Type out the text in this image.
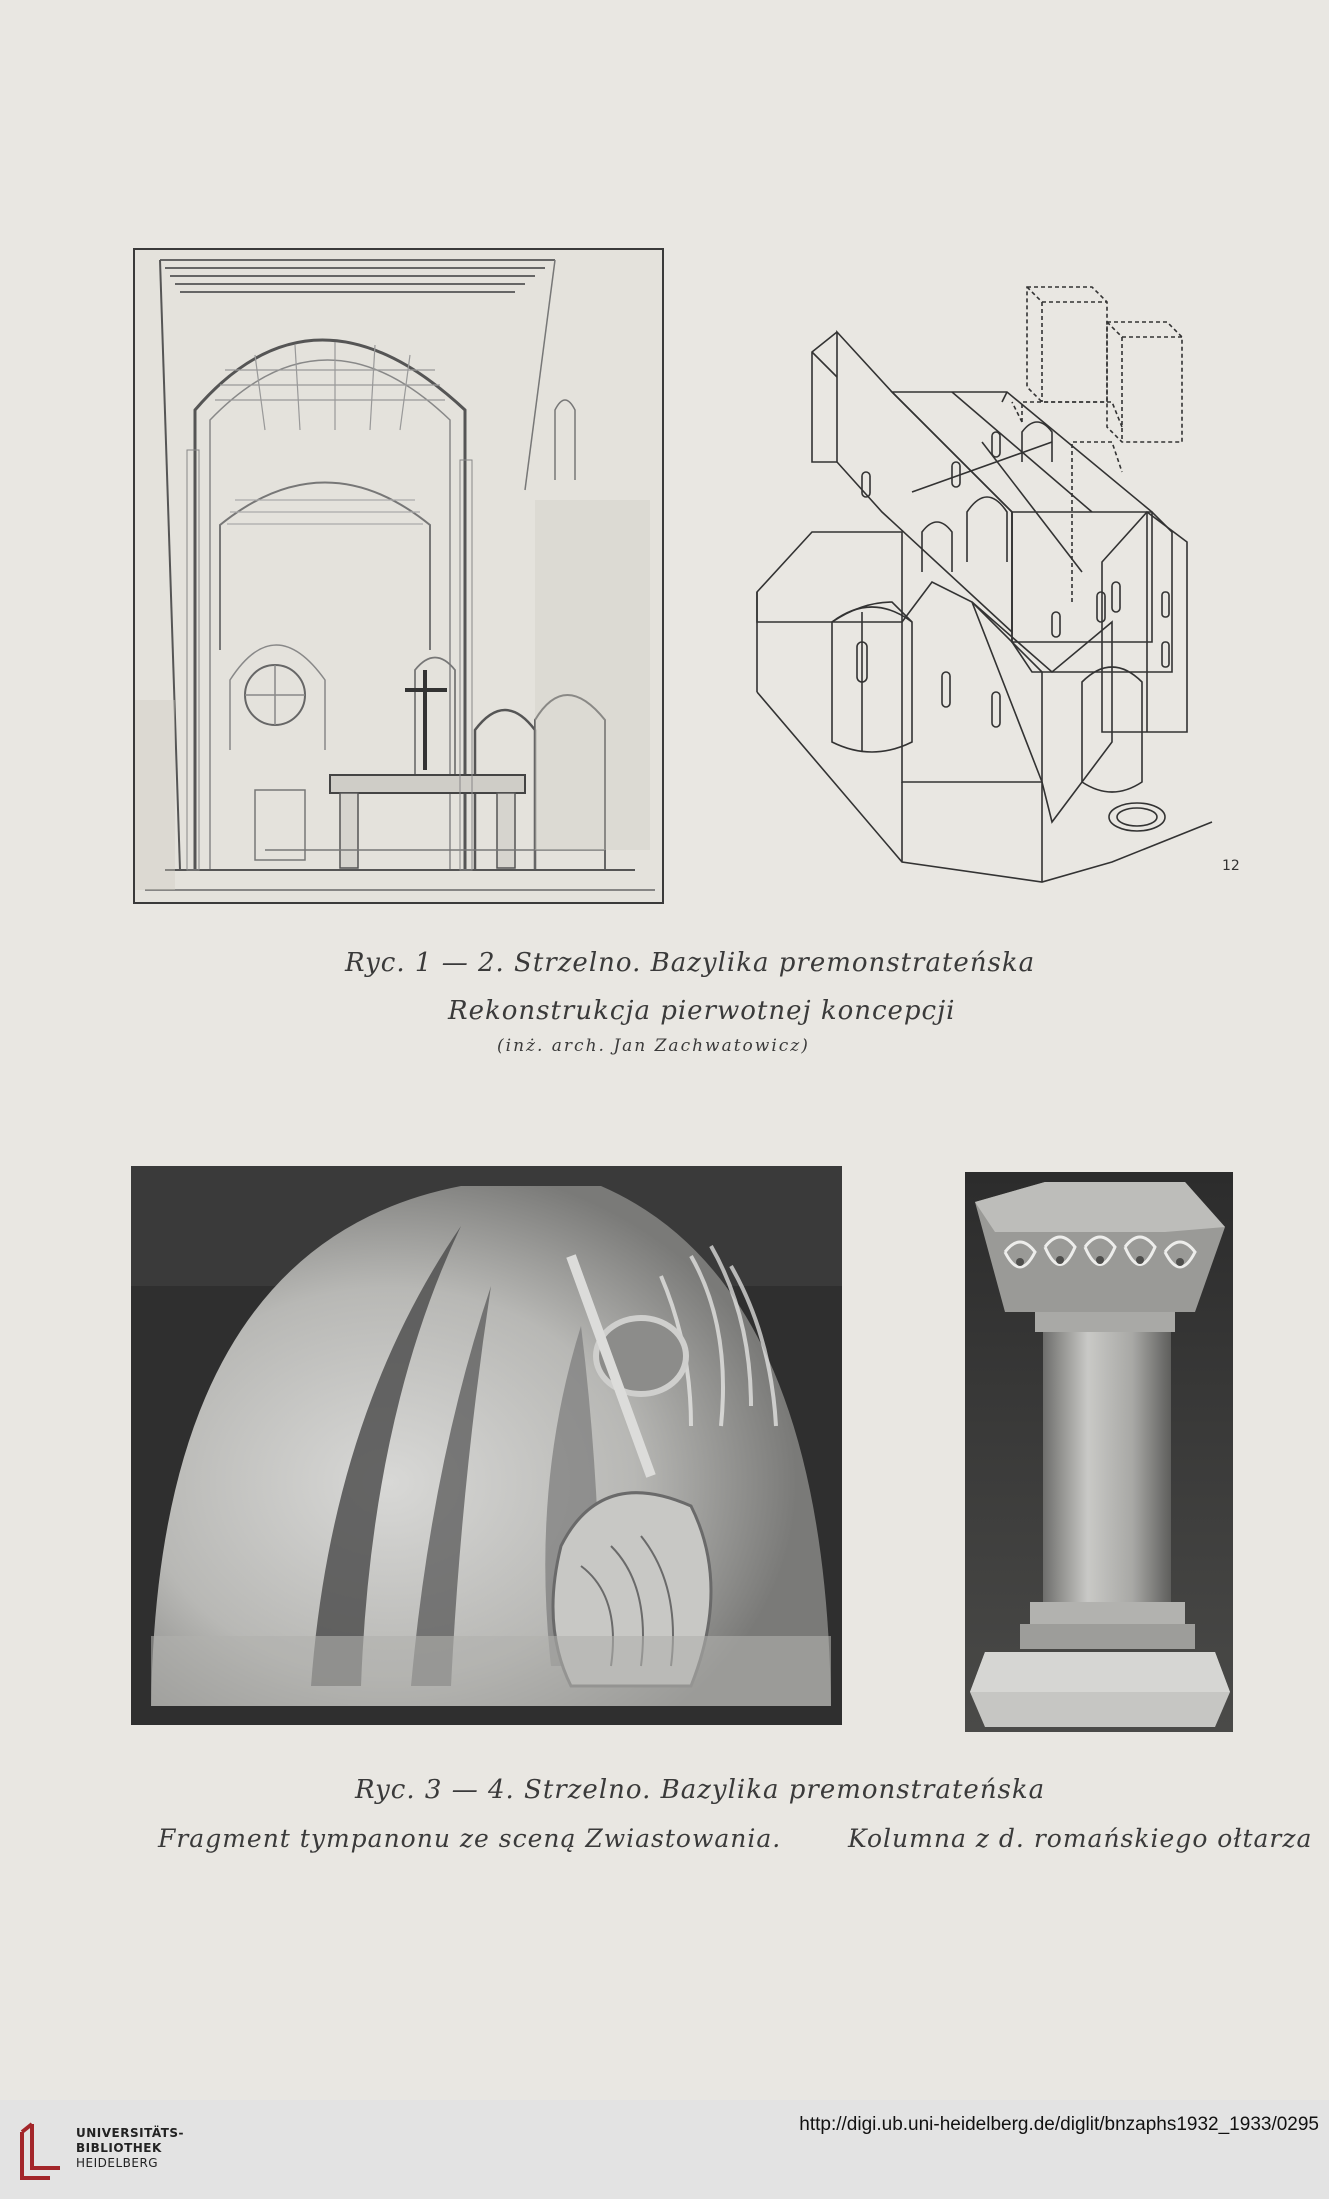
12
Ryc. 1 — 2. Strzelno. Bazylika premonstrateńska
Rekonstrukcja pierwotnej koncepcji
(inż. arch. Jan Zachwatowicz)
Ryc. 3 — 4. Strzelno. Bazylika premonstrateńska
Fragment tympanonu ze sceną Zwiastowania.	Kolumna z d. romańskiego ołtarza
UNIVERSITÄTS-
BIBLIOTHEK
HEIDELBERG
http://digi.ub.uni-heidelberg.de/diglit/bnzaphs1932_1933/0295
